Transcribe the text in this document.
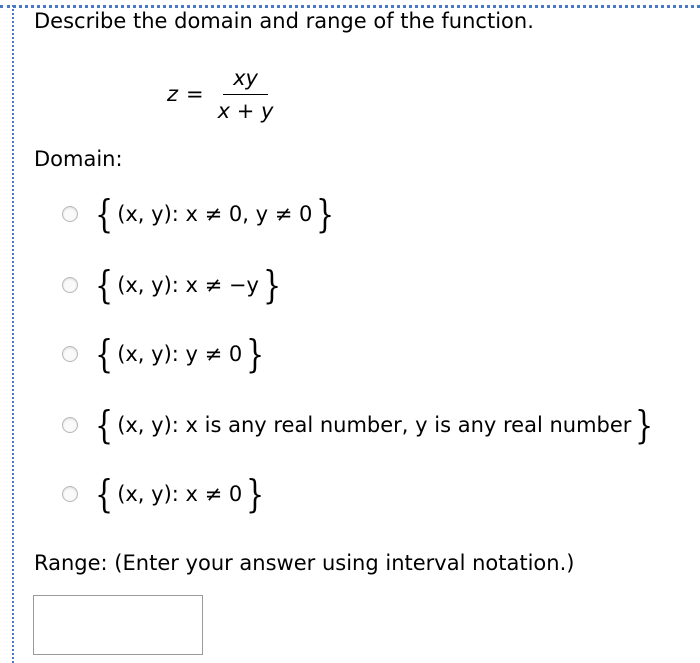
Describe the domain and range of the function.
$z = \frac{xy}{x + y}$
Domain:
{ (x, y): x ≠ 0, y ≠ 0 }
{ (x, y): x ≠ −y }
{ (x, y): y ≠ 0 }
{ (x, y): x is any real number, y is any real number }
{ (x, y): x ≠ 0 }
Range: (Enter your answer using interval notation.)
